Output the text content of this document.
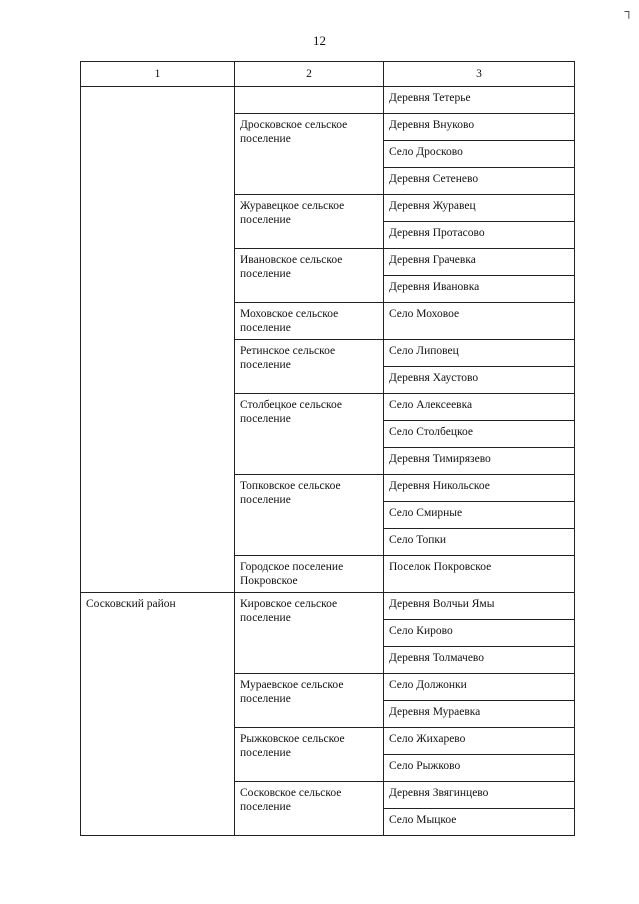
12
┐
1	2	3
		Деревня Тетерье
	Дросковское сельское поселение	Деревня Внуково
		Село Дросково
		Деревня Сетенево
	Журавецкое сельское поселение	Деревня Журавец
		Деревня Протасово
	Ивановское сельское поселение	Деревня Грачевка
		Деревня Ивановка
	Моховское сельское поселение	Село Моховое
	Ретинское сельское поселение	Село Липовец
		Деревня Хаустово
	Столбецкое сельское поселение	Село Алексеевка
		Село Столбецкое
		Деревня Тимирязево
	Топковское сельское поселение	Деревня Никольское
		Село Смирные
		Село Топки
	Городское поселение Покровское	Поселок Покровское
Сосковский район	Кировское сельское поселение	Деревня Волчьи Ямы
		Село Кирово
		Деревня Толмачево
	Мураевское сельское поселение	Село Должонки
		Деревня Мураевка
	Рыжковское сельское поселение	Село Жихарево
		Село Рыжково
	Сосковское сельское поселение	Деревня Звягинцево
		Село Мыцкое
